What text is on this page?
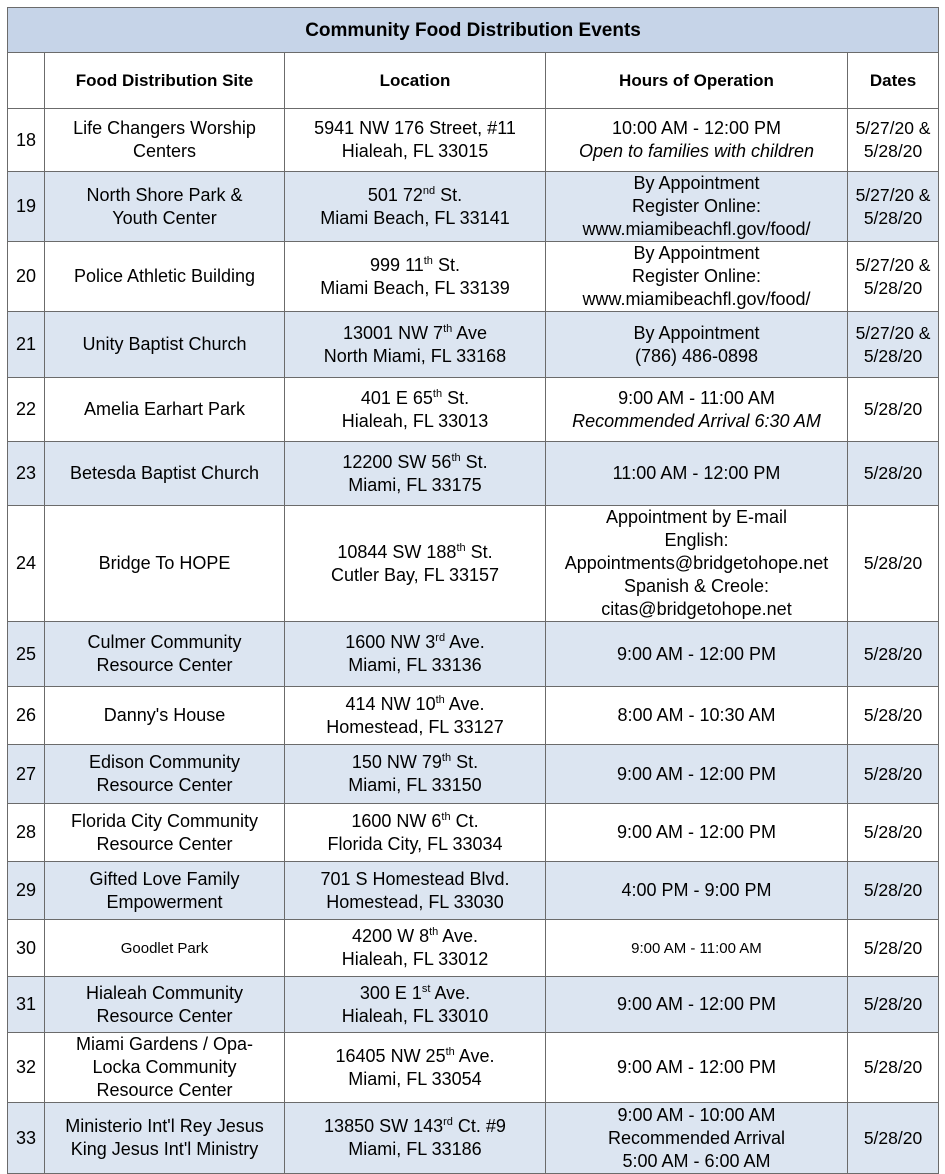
Community Food Distribution Events				
	Food Distribution Site	Location	Hours of Operation	Dates
18	Life Changers Worship
Centers	5941 NW 176 Street, #11
Hialeah, FL 33015	10:00 AM - 12:00 PM
Open to families with children	5/27/20 &
5/28/20

19	North Shore Park &
Youth Center	501 72nd St.
Miami Beach, FL 33141	By Appointment
Register Online:
www.miamibeachfl.gov/food/	5/27/20 &
5/28/20

20	Police Athletic Building	999 11th St.
Miami Beach, FL 33139	By Appointment
Register Online:
www.miamibeachfl.gov/food/	5/27/20 &
5/28/20

21	Unity Baptist Church	13001 NW 7th Ave
North Miami, FL 33168	By Appointment
(786) 486-0898	5/27/20 &
5/28/20

22	Amelia Earhart Park	401 E 65th St.
Hialeah, FL 33013	9:00 AM - 11:00 AM
Recommended Arrival 6:30 AM	5/28/20

23	Betesda Baptist Church	12200 SW 56th St.
Miami, FL 33175	11:00 AM - 12:00 PM	5/28/20

24	Bridge To HOPE	10844 SW 188th St.
Cutler Bay, FL 33157	Appointment by E-mail
English:
Appointments@bridgetohope.net
Spanish & Creole:
citas@bridgetohope.net	5/28/20

25	Culmer Community
Resource Center	1600 NW 3rd Ave.
Miami, FL 33136	9:00 AM - 12:00 PM	5/28/20

26	Danny's House	414 NW 10th Ave.
Homestead, FL 33127	8:00 AM - 10:30 AM	5/28/20

27	Edison Community
Resource Center	150 NW 79th St.
Miami, FL 33150	9:00 AM - 12:00 PM	5/28/20

28	Florida City Community
Resource Center	1600 NW 6th Ct.
Florida City, FL 33034	9:00 AM - 12:00 PM	5/28/20

29	Gifted Love Family
Empowerment	701 S Homestead Blvd.
Homestead, FL 33030	4:00 PM - 9:00 PM	5/28/20

30	Goodlet Park	4200 W 8th Ave.
Hialeah, FL 33012	9:00 AM - 11:00 AM	5/28/20

31	Hialeah Community
Resource Center	300 E 1st Ave.
Hialeah, FL 33010	9:00 AM - 12:00 PM	5/28/20

32	Miami Gardens / Opa-
Locka Community
Resource Center	16405 NW 25th Ave.
Miami, FL 33054	9:00 AM - 12:00 PM	5/28/20

33	Ministerio Int'l Rey Jesus
King Jesus Int'l Ministry	13850 SW 143rd Ct. #9
Miami, FL 33186	9:00 AM - 10:00 AM
Recommended Arrival
5:00 AM - 6:00 AM	5/28/20
